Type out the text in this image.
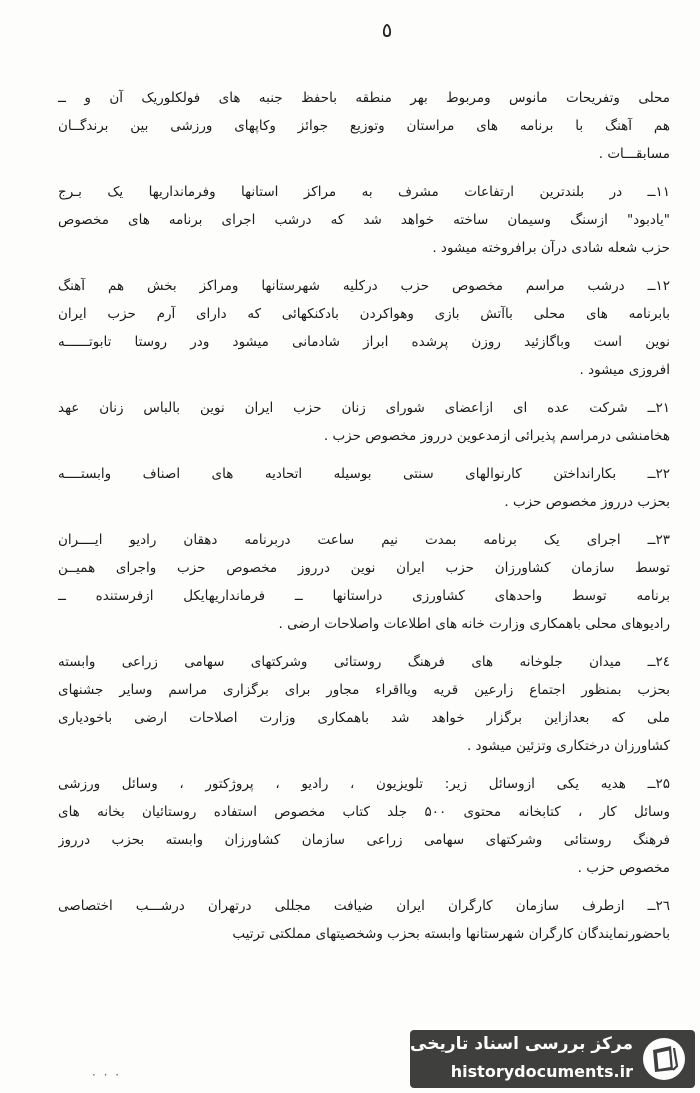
٥
محلی وتفریحات مانوس ومربوط بهر منطقه باحفظ جنبه های فولکلوریک آن و ــ
هم آهنگ با برنامه های مراستان وتوزیع جوائز وکاپهای ورزشی بین برندگــان
مسابقـــات .
۱۱ــ در بلندترین ارتفاعات مشرف به مراکز استانها وفرمانداریها یک بـرج
"یادبود" ازسنگ وسیمان ساخته خواهد شد که درشب اجرای برنامه های مخصوص
حزب شعله شادی درآن برافروخته میشود .
۱۲ــ درشب مراسم مخصوص حزب درکلیه شهرستانها ومراکز بخش هم آهنگ
بابرنامه های محلی باآتش بازی وهواکردن بادکنکهائی که دارای آرم حزب ایران
نوین است وباگازئید روزن پرشده ابراز شادمانی میشود ودر روستا تابوتــــــه
افروزی میشود .
۲۱ــ شرکت عده ای ازاعضای شورای زنان حزب ایران نوین بالباس زنان عهد
هخامنشی درمراسم پذیرائی ازمدعوین درروز مخصوص حزب .
۲۲ــ بکارانداختن کارنوالهای سنتی بوسیله اتحادیه های اصناف وابستــــه
بحزب درروز مخصوص حزب .
۲۳ــ اجرای یک برنامه بمدت نیم ساعت دربرنامه دهقان رادیو ایــــران
توسط سازمان کشاورزان حزب ایران نوین درروز مخصوص حزب واجرای همیــن
برنامه توسط واحدهای کشاورزی دراستانها ــ فرمانداریهایکل ازفرستنده ــ
رادیوهای محلی باهمکاری وزارت خانه های اطلاعات واصلاحات ارضی .
۲٤ــ میدان جلوخانه های فرهنگ روستائی وشرکتهای سهامی زراعی وابسته
بحزب بمنظور اجتماع زارعین قریه ویااقراء مجاور برای برگزاری مراسم وسایر جشنهای
ملی که بعدازاین برگزار خواهد شد باهمکاری وزارت اصلاحات ارضی باخودیاری
کشاورزان درختکاری وتزئین میشود .
۲۵ــ هدیه یکی ازوسائل زیر: تلویزیون ، رادیو ، پروژکتور ، وسائل ورزشی
وسائل کار ، کتابخانه محتوی ۵۰۰ جلد کتاب مخصوص استفاده روستائیان بخانه های
فرهنگ روستائی وشرکتهای سهامی زراعی سازمان کشاورزان وابسته بحزب درروز
مخصوص حزب .
۲٦ــ ازطرف سازمان کارگران ایران ضیافت مجللی درتهران درشـــب اختصاصی
باحضورنمایندگان کارگران شهرستانها وابسته بحزب وشخصیتهای مملکتی ترتیب
· · ·
مرکز بررسی اسناد تاریخی
historydocuments.ir
